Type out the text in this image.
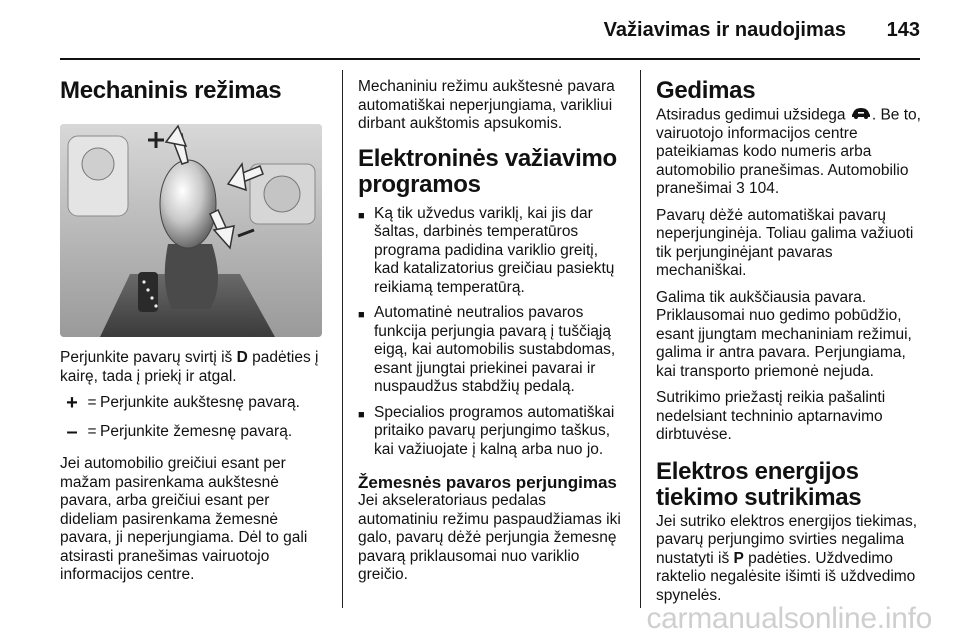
Važiavimas ir naudojimas 143
Mechaninis režimas

Perjunkite pavarų svirtį iš D padėties į kairę, tada į priekį ir atgal.

+ = Perjunkite aukštesnę pavarą.
– = Perjunkite žemesnę pavarą.

Jei automobilio greičiui esant per mažam pasirenkama aukštesnė pavara, arba greičiui esant per dideliam pasirenkama žemesnė pavara, ji neperjungiama. Dėl to gali atsirasti pranešimas vairuotojo informacijos centre.

Mechaniniu režimu aukštesnė pavara automatiškai neperjungiama, varikliui dirbant aukštomis apsukomis.

Elektroninės važiavimo programos
■ Ką tik užvedus variklį, kai jis dar šaltas, darbinės temperatūros programa padidina variklio greitį, kad katalizatorius greičiau pasiektų reikiamą temperatūrą.
■ Automatinė neutralios pavaros funkcija perjungia pavarą į tuščiąją eigą, kai automobilis sustabdomas, esant įjungtai priekinei pavarai ir nuspaudžus stabdžių pedalą.
■ Specialios programos automatiškai pritaiko pavarų perjungimo taškus, kai važiuojate į kalną arba nuo jo.
Žemesnės pavaros perjungimas

Jei akseleratoriaus pedalas automatiniu režimu paspaudžiamas iki galo, pavarų dėžė perjungia žemesnę pavarą priklausomai nuo variklio greičio.

Gedimas

Atsiradus gedimui užsidega . Be to, vairuotojo informacijos centre pateikiamas kodo numeris arba automobilio pranešimas. Automobilio pranešimai 3 104.

Pavarų dėžė automatiškai pavarų neperjunginėja. Toliau galima važiuoti tik perjunginėjant pavaras mechaniškai.

Galima tik aukščiausia pavara. Priklausomai nuo gedimo pobūdžio, esant įjungtam mechaniniam režimui, galima ir antra pavara. Perjungiama, kai transporto priemonė nejuda.

Sutrikimo priežastį reikia pašalinti nedelsiant techninio aptarnavimo dirbtuvėse.

Elektros energijos tiekimo sutrikimas

Jei sutriko elektros energijos tiekimas, pavarų perjungimo svirties negalima nustatyti iš P padėties. Uždvedimo raktelio negalėsite išimti iš uždvedimo spynelės.

carmanualsonline.info
